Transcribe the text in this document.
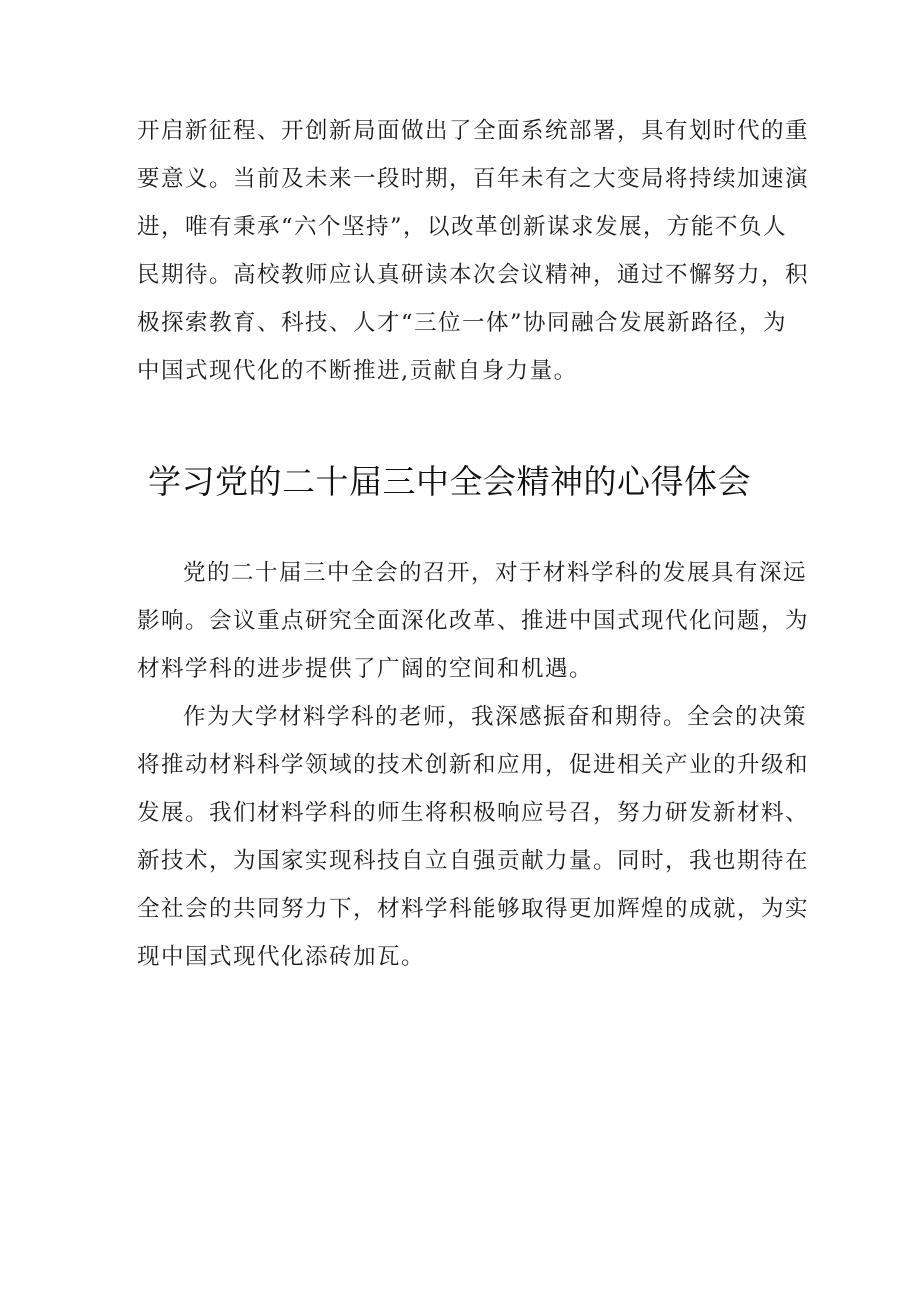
开启新征程、开创新局面做出了全面系统部署，具有划时代的重
要意义。当前及未来一段时期，百年未有之大变局将持续加速演
进，唯有秉承“六个坚持”，以改革创新谋求发展，方能不负人
民期待。高校教师应认真研读本次会议精神，通过不懈努力，积
极探索教育、科技、人才“三位一体”协同融合发展新路径，为
中国式现代化的不断推进,贡献自身力量。
学习党的二十届三中全会精神的心得体会
党的二十届三中全会的召开，对于材料学科的发展具有深远
影响。会议重点研究全面深化改革、推进中国式现代化问题，为
材料学科的进步提供了广阔的空间和机遇。
作为大学材料学科的老师，我深感振奋和期待。全会的决策
将推动材料科学领域的技术创新和应用，促进相关产业的升级和
发展。我们材料学科的师生将积极响应号召，努力研发新材料、
新技术，为国家实现科技自立自强贡献力量。同时，我也期待在
全社会的共同努力下，材料学科能够取得更加辉煌的成就，为实
现中国式现代化添砖加瓦。
